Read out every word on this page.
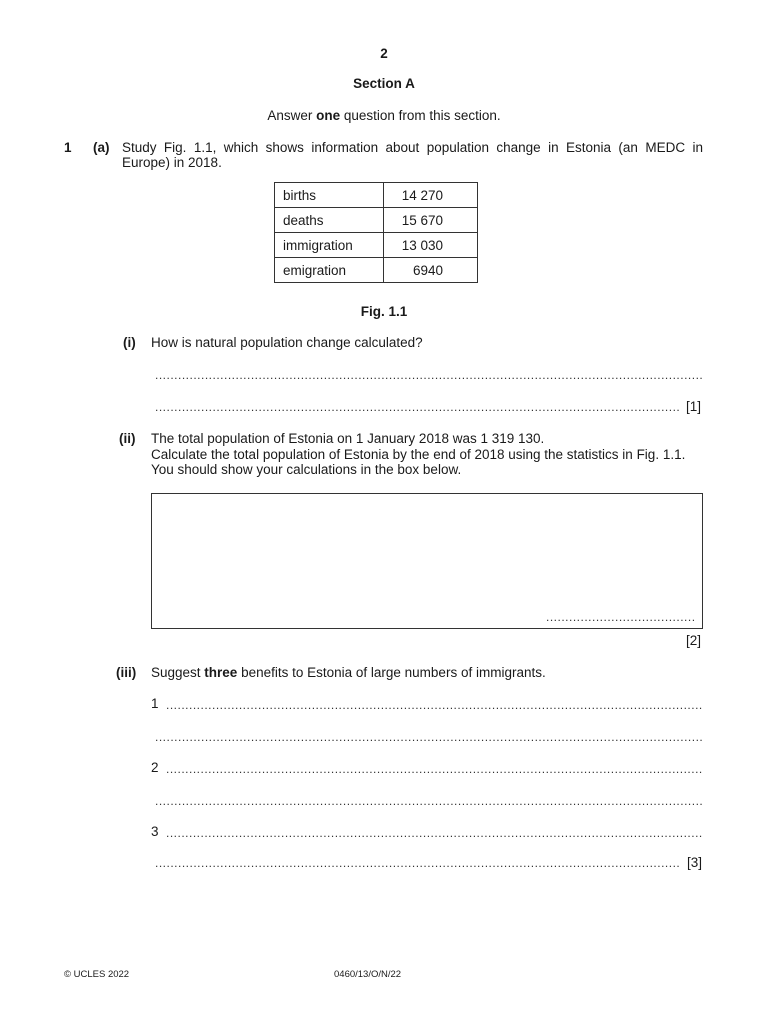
2
Section A
Answer one question from this section.
1 (a) Study Fig. 1.1, which shows information about population change in Estonia (an MEDC in Europe) in 2018.
births	14 270
deaths	15 670
immigration	13 030
emigration	6940
Fig. 1.1
(i) How is natural population change calculated?
.....
.....
[1]
(ii) The total population of Estonia on 1 January 2018 was 1 319 130.
Calculate the total population of Estonia by the end of 2018 using the statistics in Fig. 1.1.
You should show your calculations in the box below.
.....
[2]
(iii) Suggest three benefits to Estonia of large numbers of immigrants.
1
.....
.....
2
.....
.....
3
.....
.....
[3]
© UCLES 2022	0460/13/O/N/22
